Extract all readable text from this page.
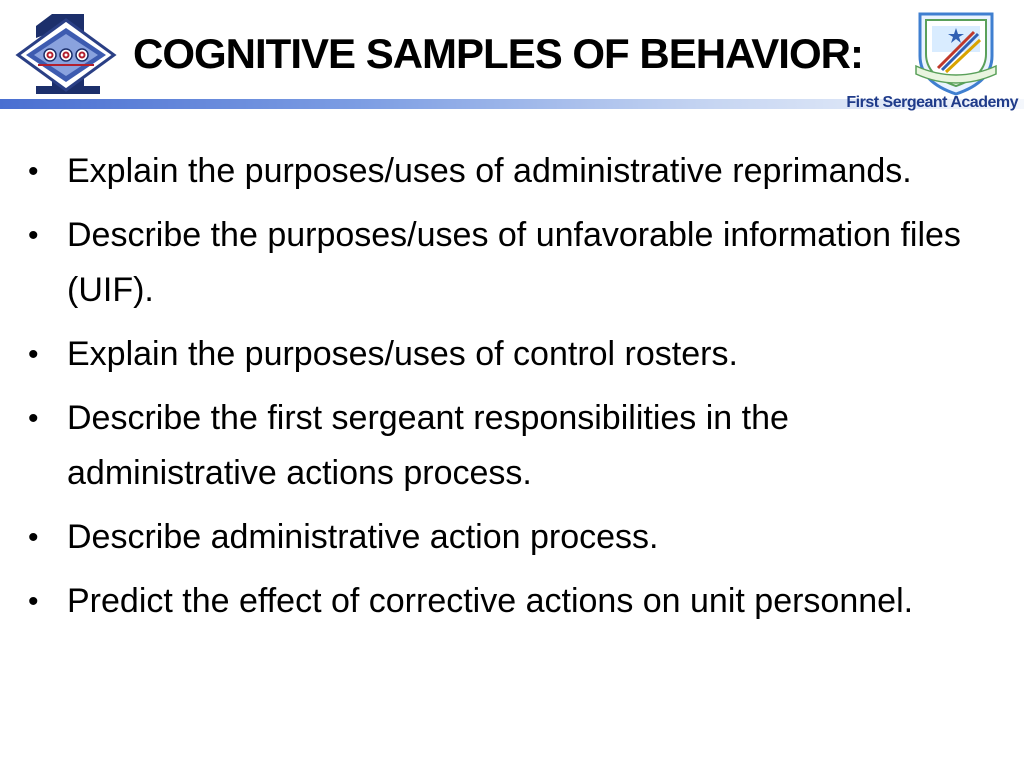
COGNITIVE SAMPLES OF BEHAVIOR:
First Sergeant Academy
• Explain the purposes/uses of administrative reprimands.
• Describe the purposes/uses of unfavorable information files (UIF).
• Explain the purposes/uses of control rosters.
• Describe the first sergeant responsibilities in the administrative actions process.
• Describe administrative action process.
• Predict the effect of corrective actions on unit personnel.
